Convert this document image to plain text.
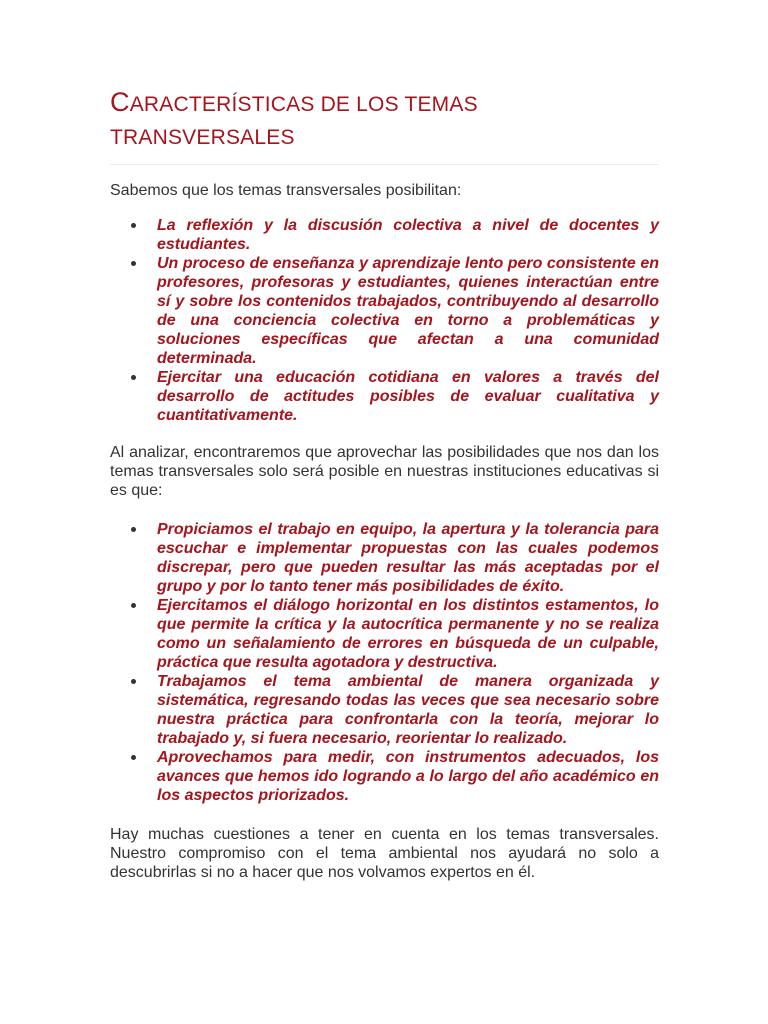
CARACTERÍSTICAS DE LOS TEMAS
TRANSVERSALES

Sabemos que los temas transversales posibilitan:

La reflexión y la discusión colectiva a nivel de docentes y estudiantes.
Un proceso de enseñanza y aprendizaje lento pero consistente en profesores, profesoras y estudiantes, quienes interactúan entre sí y sobre los contenidos trabajados, contribuyendo al desarrollo de una conciencia colectiva en torno a problemáticas y soluciones específicas que afectan a una comunidad determinada.
Ejercitar una educación cotidiana en valores a través del desarrollo de actitudes posibles de evaluar cualitativa y cuantitativamente.

Al analizar, encontraremos que aprovechar las posibilidades que nos dan los temas transversales solo será posible en nuestras instituciones educativas si es que:

Propiciamos el trabajo en equipo, la apertura y la tolerancia para escuchar e implementar propuestas con las cuales podemos discrepar, pero que pueden resultar las más aceptadas por el grupo y por lo tanto tener más posibilidades de éxito.
Ejercitamos el diálogo horizontal en los distintos estamentos, lo que permite la crítica y la autocrítica permanente y no se realiza como un señalamiento de errores en búsqueda de un culpable, práctica que resulta agotadora y destructiva.
Trabajamos el tema ambiental de manera organizada y sistemática, regresando todas las veces que sea necesario sobre nuestra práctica para confrontarla con la teoría, mejorar lo trabajado y, si fuera necesario, reorientar lo realizado.
Aprovechamos para medir, con instrumentos adecuados, los avances que hemos ido logrando a lo largo del año académico en los aspectos priorizados.

Hay muchas cuestiones a tener en cuenta en los temas transversales. Nuestro compromiso con el tema ambiental nos ayudará no solo a descubrirlas si no a hacer que nos volvamos expertos en él.
